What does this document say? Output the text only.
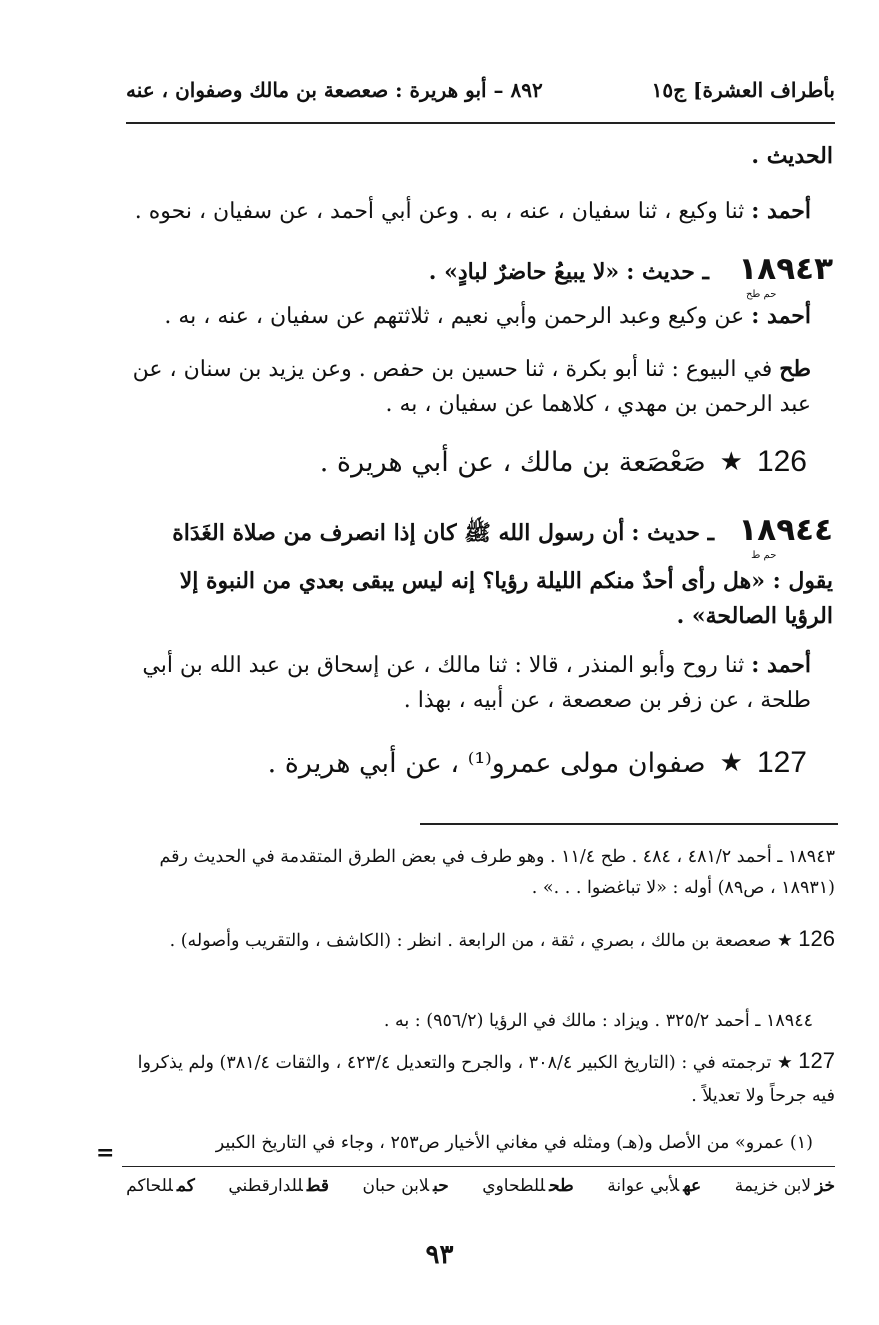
بأطراف العشرة] ج١٥
٨٩٢ – أبو هريرة : صعصعة بن مالك وصفوان ، عنه
الحديث .
أحمد : ثنا وكيع ، ثنا سفيان ، عنه ، به . وعن أبي أحمد ، عن سفيان ، نحوه .
١٨٩٤٣حم طح ـ حديث : «لا يبيعُ حاضرٌ لبادٍ» .
أحمد : عن وكيع وعبد الرحمن وأبي نعيم ، ثلاثتهم عن سفيان ، عنه ، به .
طح في البيوع : ثنا أبو بكرة ، ثنا حسين بن حفص . وعن يزيد بن سنان ، عن عبد الرحمن بن مهدي ، كلاهما عن سفيان ، به .
126
★
صَعْصَعة بن مالك ، عن أبي هريرة .
١٨٩٤٤حم ط ـ حديث : أن رسول الله ﷺ كان إذا انصرف من صلاة الغَدَاة يقول : «هل رأى أحدٌ منكم الليلة رؤيا؟ إنه ليس يبقى بعدي من النبوة إلا الرؤيا الصالحة» .
أحمد : ثنا روح وأبو المنذر ، قالا : ثنا مالك ، عن إسحاق بن عبد الله بن أبي طلحة ، عن زفر بن صعصعة ، عن أبيه ، بهذا .
127
★
صفوان مولى عمرو⁽¹⁾ ، عن أبي هريرة .
١٨٩٤٣ ـ أحمد ٤٨١/٢ ، ٤٨٤ . طح ١١/٤ . وهو طرف في بعض الطرق المتقدمة في الحديث رقم (١٨٩٣١ ، ص٨٩) أوله : «لا تباغضوا . . .» .
126 ★ صعصعة بن مالك ، بصري ، ثقة ، من الرابعة . انظر : (الكاشف ، والتقريب وأصوله) .
١٨٩٤٤ ـ أحمد ٣٢٥/٢ . ويزاد : مالك في الرؤيا (٩٥٦/٢) : به .
127 ★ ترجمته في : (التاريخ الكبير ٣٠٨/٤ ، والجرح والتعديل ٤٢٣/٤ ، والثقات ٣٨١/٤) ولم يذكروا فيه جرحاً ولا تعديلاً .
(١) عمرو» من الأصل و(هـ) ومثله في مغاني الأخيار ص٢٥٣ ، وجاء في التاريخ الكبير
=
خزلابن خزيمة
عهلأبي عوانة
طحللطحاوي
حبلابن حبان
قطللدارقطني
كمللحاكم
٩٣
